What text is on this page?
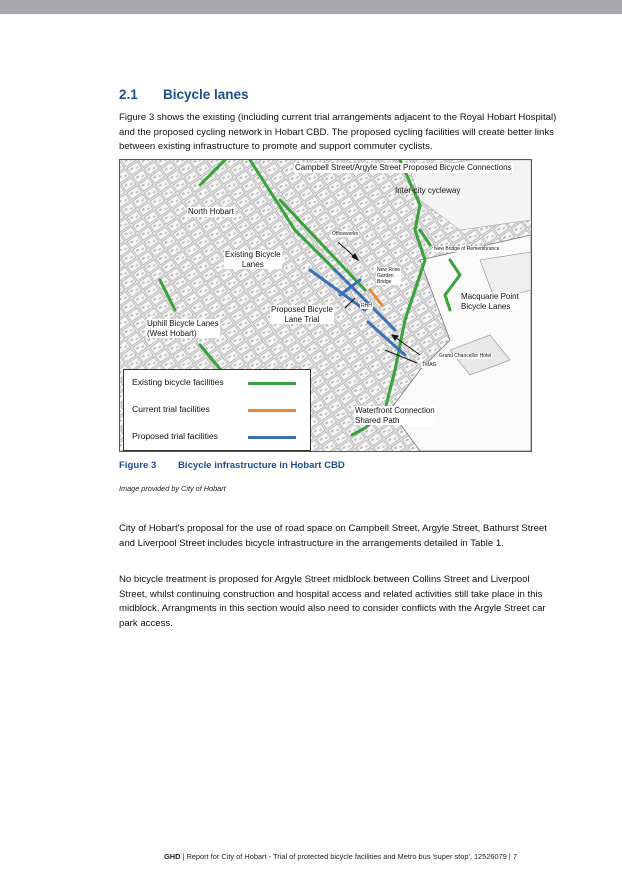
2.1 Bicycle lanes

Figure 3 shows the existing (including current trial arrangements adjacent to the Royal Hobart Hospital) and the proposed cycling network in Hobart CBD. The proposed cycling facilities will create better links between existing infrastructure to promote and support commuter cyclists.

Campbell Street/Argyle Street Proposed Bicycle Connections
Inter-city cycleway
North Hobart
Officeworks
New Bridge of Remembrance
Existing Bicycle
Lanes
New Rose
Garden
Bridge
RHH
Macquarie Point
Bicycle Lanes
Proposed Bicycle
Lane Trial
Uphill Bicycle Lanes
(West Hobart)
Grand Chancellor Hotel
TMAG
Waterfront Connection
Shared Path
Existing bicycle facilities
Current trial facilities
Proposed trial facilities
Figure 3 Bicycle infrastructure in Hobart CBD
Image provided by City of Hobart

City of Hobart's proposal for the use of road space on Campbell Street, Argyle Street, Bathurst Street and Liverpool Street includes bicycle infrastructure in the arrangements detailed in Table 1.

No bicycle treatment is proposed for Argyle Street midblock between Collins Street and Liverpool Street, whilst continuing construction and hospital access and related activities still take place in this midblock. Arrangments in this section would also need to consider conflicts with the Argyle Street car park access.

GHD | Report for City of Hobart - Trial of protected bicycle facilities and Metro bus 'super stop', 12526079 | 7
